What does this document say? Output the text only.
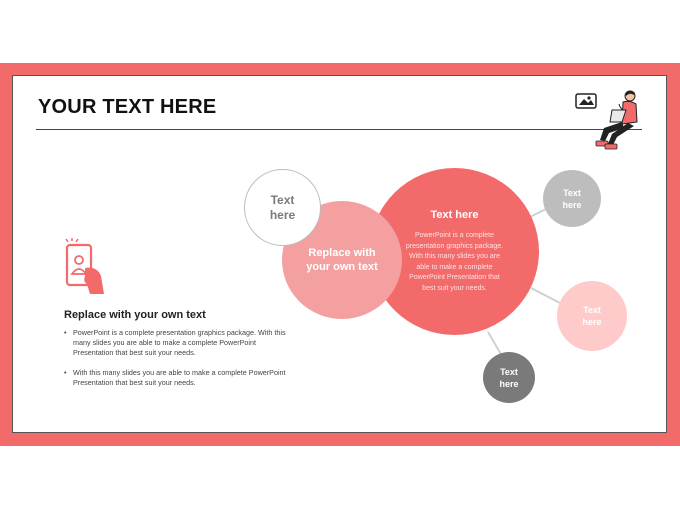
YOUR TEXT HERE
Replace with your own text
• PowerPoint is a complete presentation graphics package. With this many slides you are able to make a complete PowerPoint Presentation that best suit your needs.
• With this many slides you are able to make a complete PowerPoint Presentation that best suit your needs.
Text here
PowerPoint is a complete presentation graphics package. With this many slides you are able to make a complete PowerPoint Presentation that best suit your needs.
Replace with
your own text
Text
here
Text
here
Text
here
Text
here
